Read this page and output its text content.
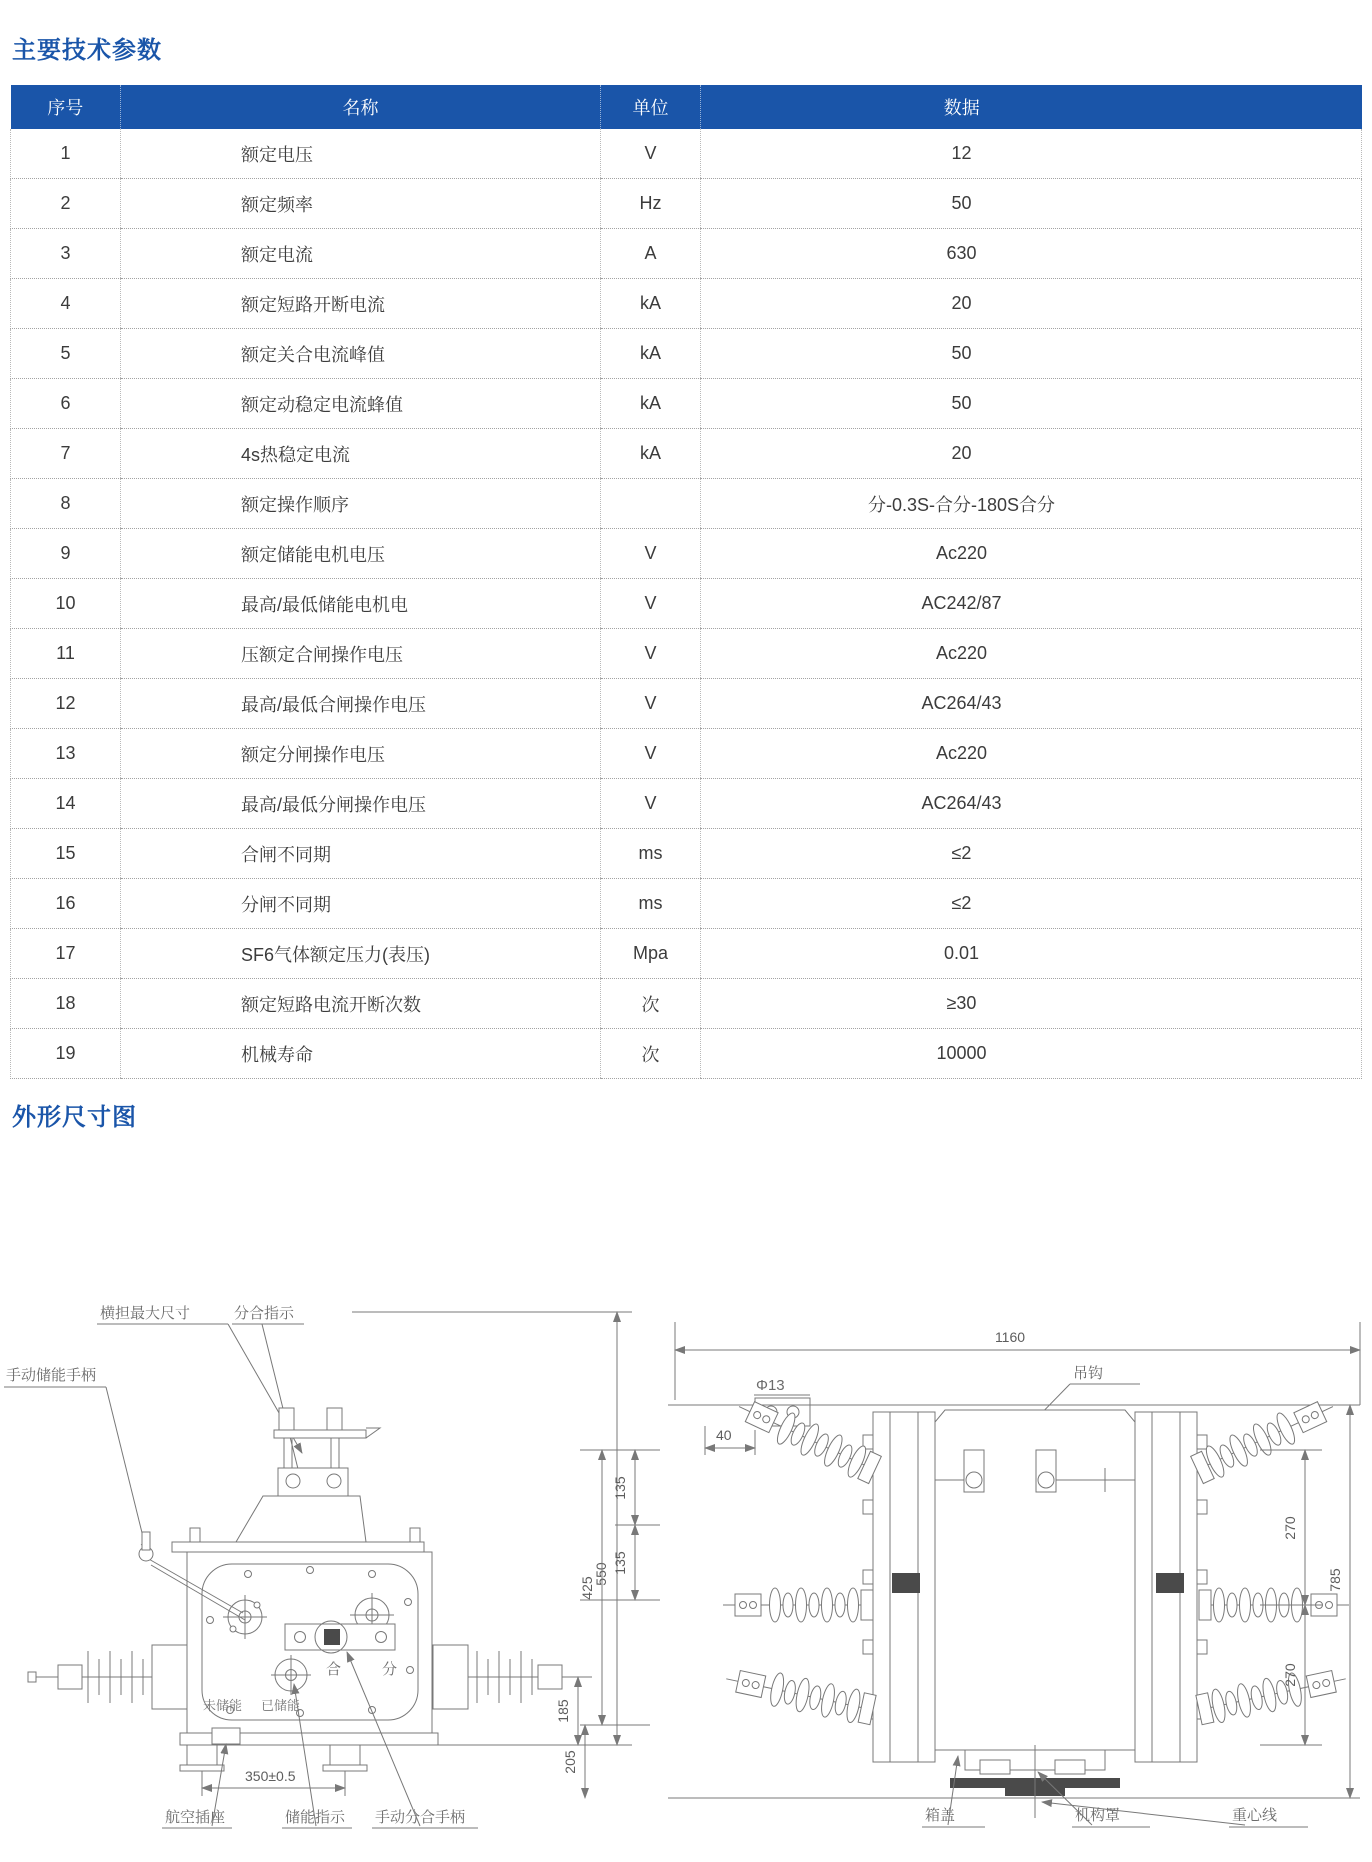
主要技术参数
序号	名称	单位	数据
1	额定电压	V	12
2	额定频率	Hz	50
3	额定电流	A	630
4	额定短路开断电流	kA	20
5	额定关合电流峰值	kA	50
6	额定动稳定电流蜂值	kA	50
7	4s热稳定电流	kA	20
8	额定操作顺序		分-0.3S-合分-180S合分
9	额定储能电机电压	V	Ac220
10	最高/最低储能电机电	V	AC242/87
11	压额定合闸操作电压	V	Ac220
12	最高/最低合闸操作电压	V	AC264/43
13	额定分闸操作电压	V	Ac220
14	最高/最低分闸操作电压	V	AC264/43
15	合闸不同期	ms	≤2
16	分闸不同期	ms	≤2
17	SF6气体额定压力(表压)	Mpa	0.01
18	额定短路电流开断次数	次	≥30
19	机械寿命	次	10000
外形尺寸图
横担最大尺寸	分合指示
手动储能手柄
合	分
未储能 已储能
350±0.5
550
185
航空插座	储能指示 手动分合手柄
1160
Φ13
40
吊钩
135
135
425
205
270
270
785
箱盖	机构罩	重心线
